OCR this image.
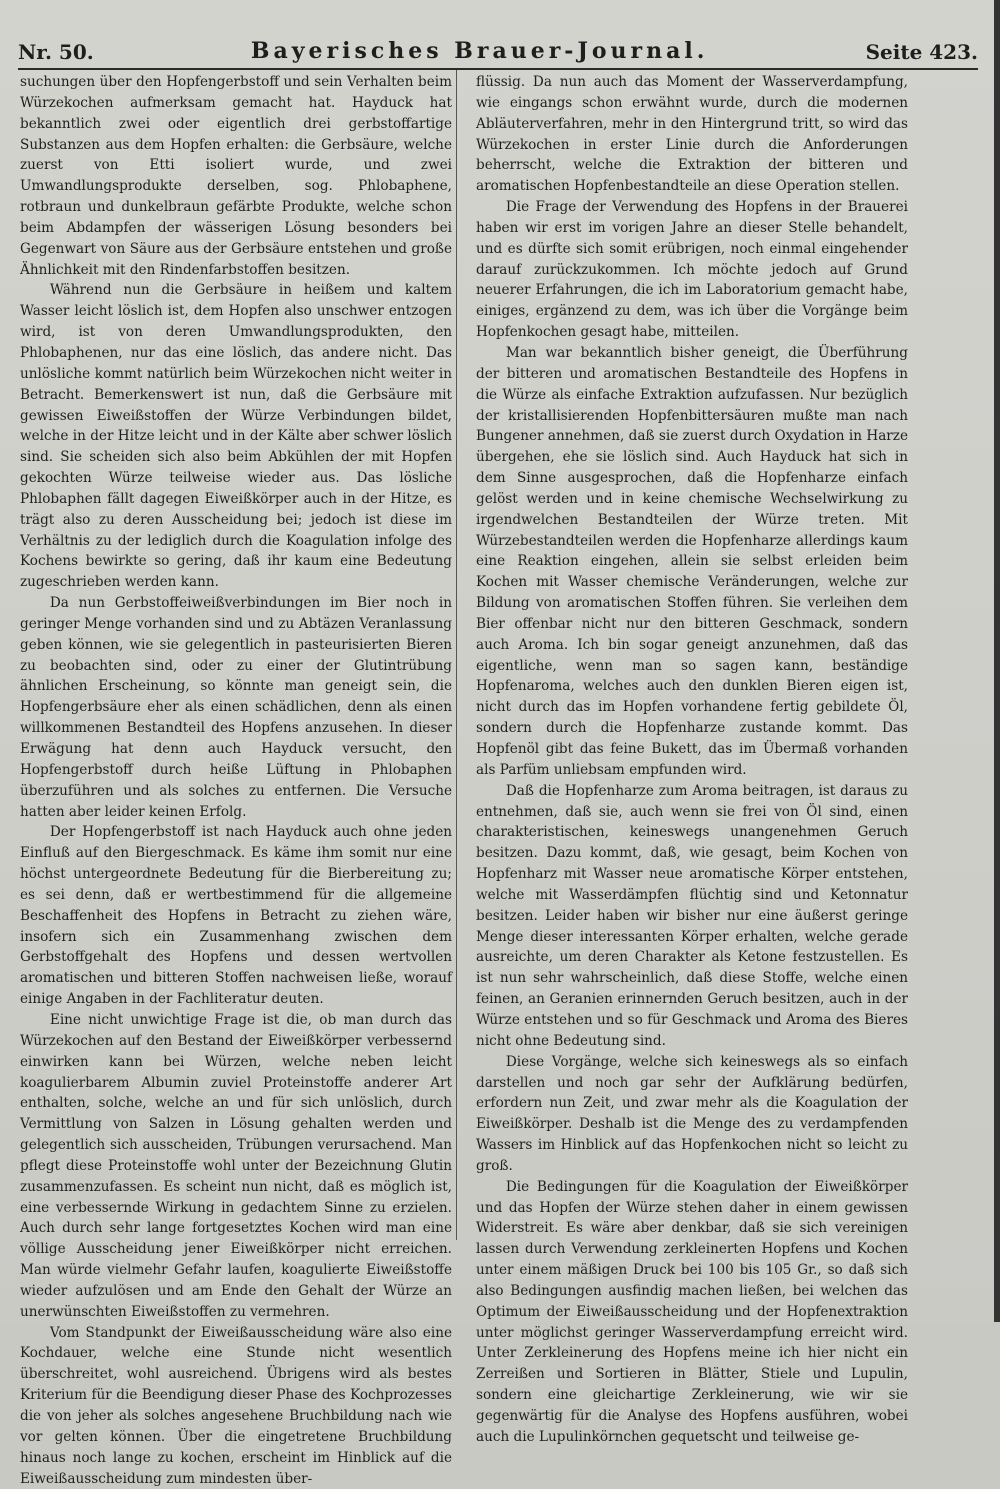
Nr. 50.	Bayerisches Brauer-Journal.	Seite 423.

suchungen über den Hopfengerbstoff und sein Verhalten beim Würzekochen aufmerksam gemacht hat. Hayduck hat bekanntlich zwei oder eigentlich drei gerbstoffartige Substanzen aus dem Hopfen erhalten: die Gerbsäure, welche zuerst von Etti isoliert wurde, und zwei Umwandlungsprodukte derselben, sog. Phlobaphene, rotbraun und dunkelbraun gefärbte Produkte, welche schon beim Abdampfen der wässerigen Lösung besonders bei Gegenwart von Säure aus der Gerbsäure entstehen und große Ähnlichkeit mit den Rindenfarbstoffen besitzen.

Während nun die Gerbsäure in heißem und kaltem Wasser leicht löslich ist, dem Hopfen also unschwer entzogen wird, ist von deren Umwandlungsprodukten, den Phlobaphenen, nur das eine löslich, das andere nicht. Das unlösliche kommt natürlich beim Würzekochen nicht weiter in Betracht. Bemerkenswert ist nun, daß die Gerbsäure mit gewissen Eiweißstoffen der Würze Verbindungen bildet, welche in der Hitze leicht und in der Kälte aber schwer löslich sind. Sie scheiden sich also beim Abkühlen der mit Hopfen gekochten Würze teilweise wieder aus. Das lösliche Phlobaphen fällt dagegen Eiweißkörper auch in der Hitze, es trägt also zu deren Ausscheidung bei; jedoch ist diese im Verhältnis zu der lediglich durch die Koagulation infolge des Kochens bewirkte so gering, daß ihr kaum eine Bedeutung zugeschrieben werden kann.

Da nun Gerbstoffeiweißverbindungen im Bier noch in geringer Menge vorhanden sind und zu Abtäzen Veranlassung geben können, wie sie gelegentlich in pasteurisierten Bieren zu beobachten sind, oder zu einer der Glutintrübung ähnlichen Erscheinung, so könnte man geneigt sein, die Hopfengerbsäure eher als einen schädlichen, denn als einen willkommenen Bestandteil des Hopfens anzusehen. In dieser Erwägung hat denn auch Hayduck versucht, den Hopfengerbstoff durch heiße Lüftung in Phlobaphen überzuführen und als solches zu entfernen. Die Versuche hatten aber leider keinen Erfolg.

Der Hopfengerbstoff ist nach Hayduck auch ohne jeden Einfluß auf den Biergeschmack. Es käme ihm somit nur eine höchst untergeordnete Bedeutung für die Bierbereitung zu; es sei denn, daß er wertbestimmend für die allgemeine Beschaffenheit des Hopfens in Betracht zu ziehen wäre, insofern sich ein Zusammenhang zwischen dem Gerbstoffgehalt des Hopfens und dessen wertvollen aromatischen und bitteren Stoffen nachweisen ließe, worauf einige Angaben in der Fachliteratur deuten.

Eine nicht unwichtige Frage ist die, ob man durch das Würzekochen auf den Bestand der Eiweißkörper verbessernd einwirken kann bei Würzen, welche neben leicht koagulierbarem Albumin zuviel Proteinstoffe anderer Art enthalten, solche, welche an und für sich unlöslich, durch Vermittlung von Salzen in Lösung gehalten werden und gelegentlich sich ausscheiden, Trübungen verursachend. Man pflegt diese Proteinstoffe wohl unter der Bezeichnung Glutin zusammenzufassen. Es scheint nun nicht, daß es möglich ist, eine verbessernde Wirkung in gedachtem Sinne zu erzielen. Auch durch sehr lange fortgesetztes Kochen wird man eine völlige Ausscheidung jener Eiweißkörper nicht erreichen. Man würde vielmehr Gefahr laufen, koagulierte Eiweißstoffe wieder aufzulösen und am Ende den Gehalt der Würze an unerwünschten Eiweißstoffen zu vermehren.

Vom Standpunkt der Eiweißausscheidung wäre also eine Kochdauer, welche eine Stunde nicht wesentlich überschreitet, wohl ausreichend. Übrigens wird als bestes Kriterium für die Beendigung dieser Phase des Kochprozesses die von jeher als solches angesehene Bruchbildung nach wie vor gelten können. Über die eingetretene Bruchbildung hinaus noch lange zu kochen, erscheint im Hinblick auf die Eiweißausscheidung zum mindesten über-

flüssig. Da nun auch das Moment der Wasserverdampfung, wie eingangs schon erwähnt wurde, durch die modernen Abläuterverfahren, mehr in den Hintergrund tritt, so wird das Würzekochen in erster Linie durch die Anforderungen beherrscht, welche die Extraktion der bitteren und aromatischen Hopfenbestandteile an diese Operation stellen.

Die Frage der Verwendung des Hopfens in der Brauerei haben wir erst im vorigen Jahre an dieser Stelle behandelt, und es dürfte sich somit erübrigen, noch einmal eingehender darauf zurückzukommen. Ich möchte jedoch auf Grund neuerer Erfahrungen, die ich im Laboratorium gemacht habe, einiges, ergänzend zu dem, was ich über die Vorgänge beim Hopfenkochen gesagt habe, mitteilen.

Man war bekanntlich bisher geneigt, die Überführung der bitteren und aromatischen Bestandteile des Hopfens in die Würze als einfache Extraktion aufzufassen. Nur bezüglich der kristallisierenden Hopfenbittersäuren mußte man nach Bungener annehmen, daß sie zuerst durch Oxydation in Harze übergehen, ehe sie löslich sind. Auch Hayduck hat sich in dem Sinne ausgesprochen, daß die Hopfenharze einfach gelöst werden und in keine chemische Wechselwirkung zu irgendwelchen Bestandteilen der Würze treten. Mit Würzebestandteilen werden die Hopfenharze allerdings kaum eine Reaktion eingehen, allein sie selbst erleiden beim Kochen mit Wasser chemische Veränderungen, welche zur Bildung von aromatischen Stoffen führen. Sie verleihen dem Bier offenbar nicht nur den bitteren Geschmack, sondern auch Aroma. Ich bin sogar geneigt anzunehmen, daß das eigentliche, wenn man so sagen kann, beständige Hopfenaroma, welches auch den dunklen Bieren eigen ist, nicht durch das im Hopfen vorhandene fertig gebildete Öl, sondern durch die Hopfenharze zustande kommt. Das Hopfenöl gibt das feine Bukett, das im Übermaß vorhanden als Parfüm unliebsam empfunden wird.

Daß die Hopfenharze zum Aroma beitragen, ist daraus zu entnehmen, daß sie, auch wenn sie frei von Öl sind, einen charakteristischen, keineswegs unangenehmen Geruch besitzen. Dazu kommt, daß, wie gesagt, beim Kochen von Hopfenharz mit Wasser neue aromatische Körper entstehen, welche mit Wasserdämpfen flüchtig sind und Ketonnatur besitzen. Leider haben wir bisher nur eine äußerst geringe Menge dieser interessanten Körper erhalten, welche gerade ausreichte, um deren Charakter als Ketone festzustellen. Es ist nun sehr wahrscheinlich, daß diese Stoffe, welche einen feinen, an Geranien erinnernden Geruch besitzen, auch in der Würze entstehen und so für Geschmack und Aroma des Bieres nicht ohne Bedeutung sind.

Diese Vorgänge, welche sich keineswegs als so einfach darstellen und noch gar sehr der Aufklärung bedürfen, erfordern nun Zeit, und zwar mehr als die Koagulation der Eiweißkörper. Deshalb ist die Menge des zu verdampfenden Wassers im Hinblick auf das Hopfenkochen nicht so leicht zu groß.

Die Bedingungen für die Koagulation der Eiweißkörper und das Hopfen der Würze stehen daher in einem gewissen Widerstreit. Es wäre aber denkbar, daß sie sich vereinigen lassen durch Verwendung zerkleinerten Hopfens und Kochen unter einem mäßigen Druck bei 100 bis 105 Gr., so daß sich also Bedingungen ausfindig machen ließen, bei welchen das Optimum der Eiweißausscheidung und der Hopfenextraktion unter möglichst geringer Wasserverdampfung erreicht wird. Unter Zerkleinerung des Hopfens meine ich hier nicht ein Zerreißen und Sortieren in Blätter, Stiele und Lupulin, sondern eine gleichartige Zerkleinerung, wie wir sie gegenwärtig für die Analyse des Hopfens ausführen, wobei auch die Lupulinkörnchen gequetscht und teilweise ge-
